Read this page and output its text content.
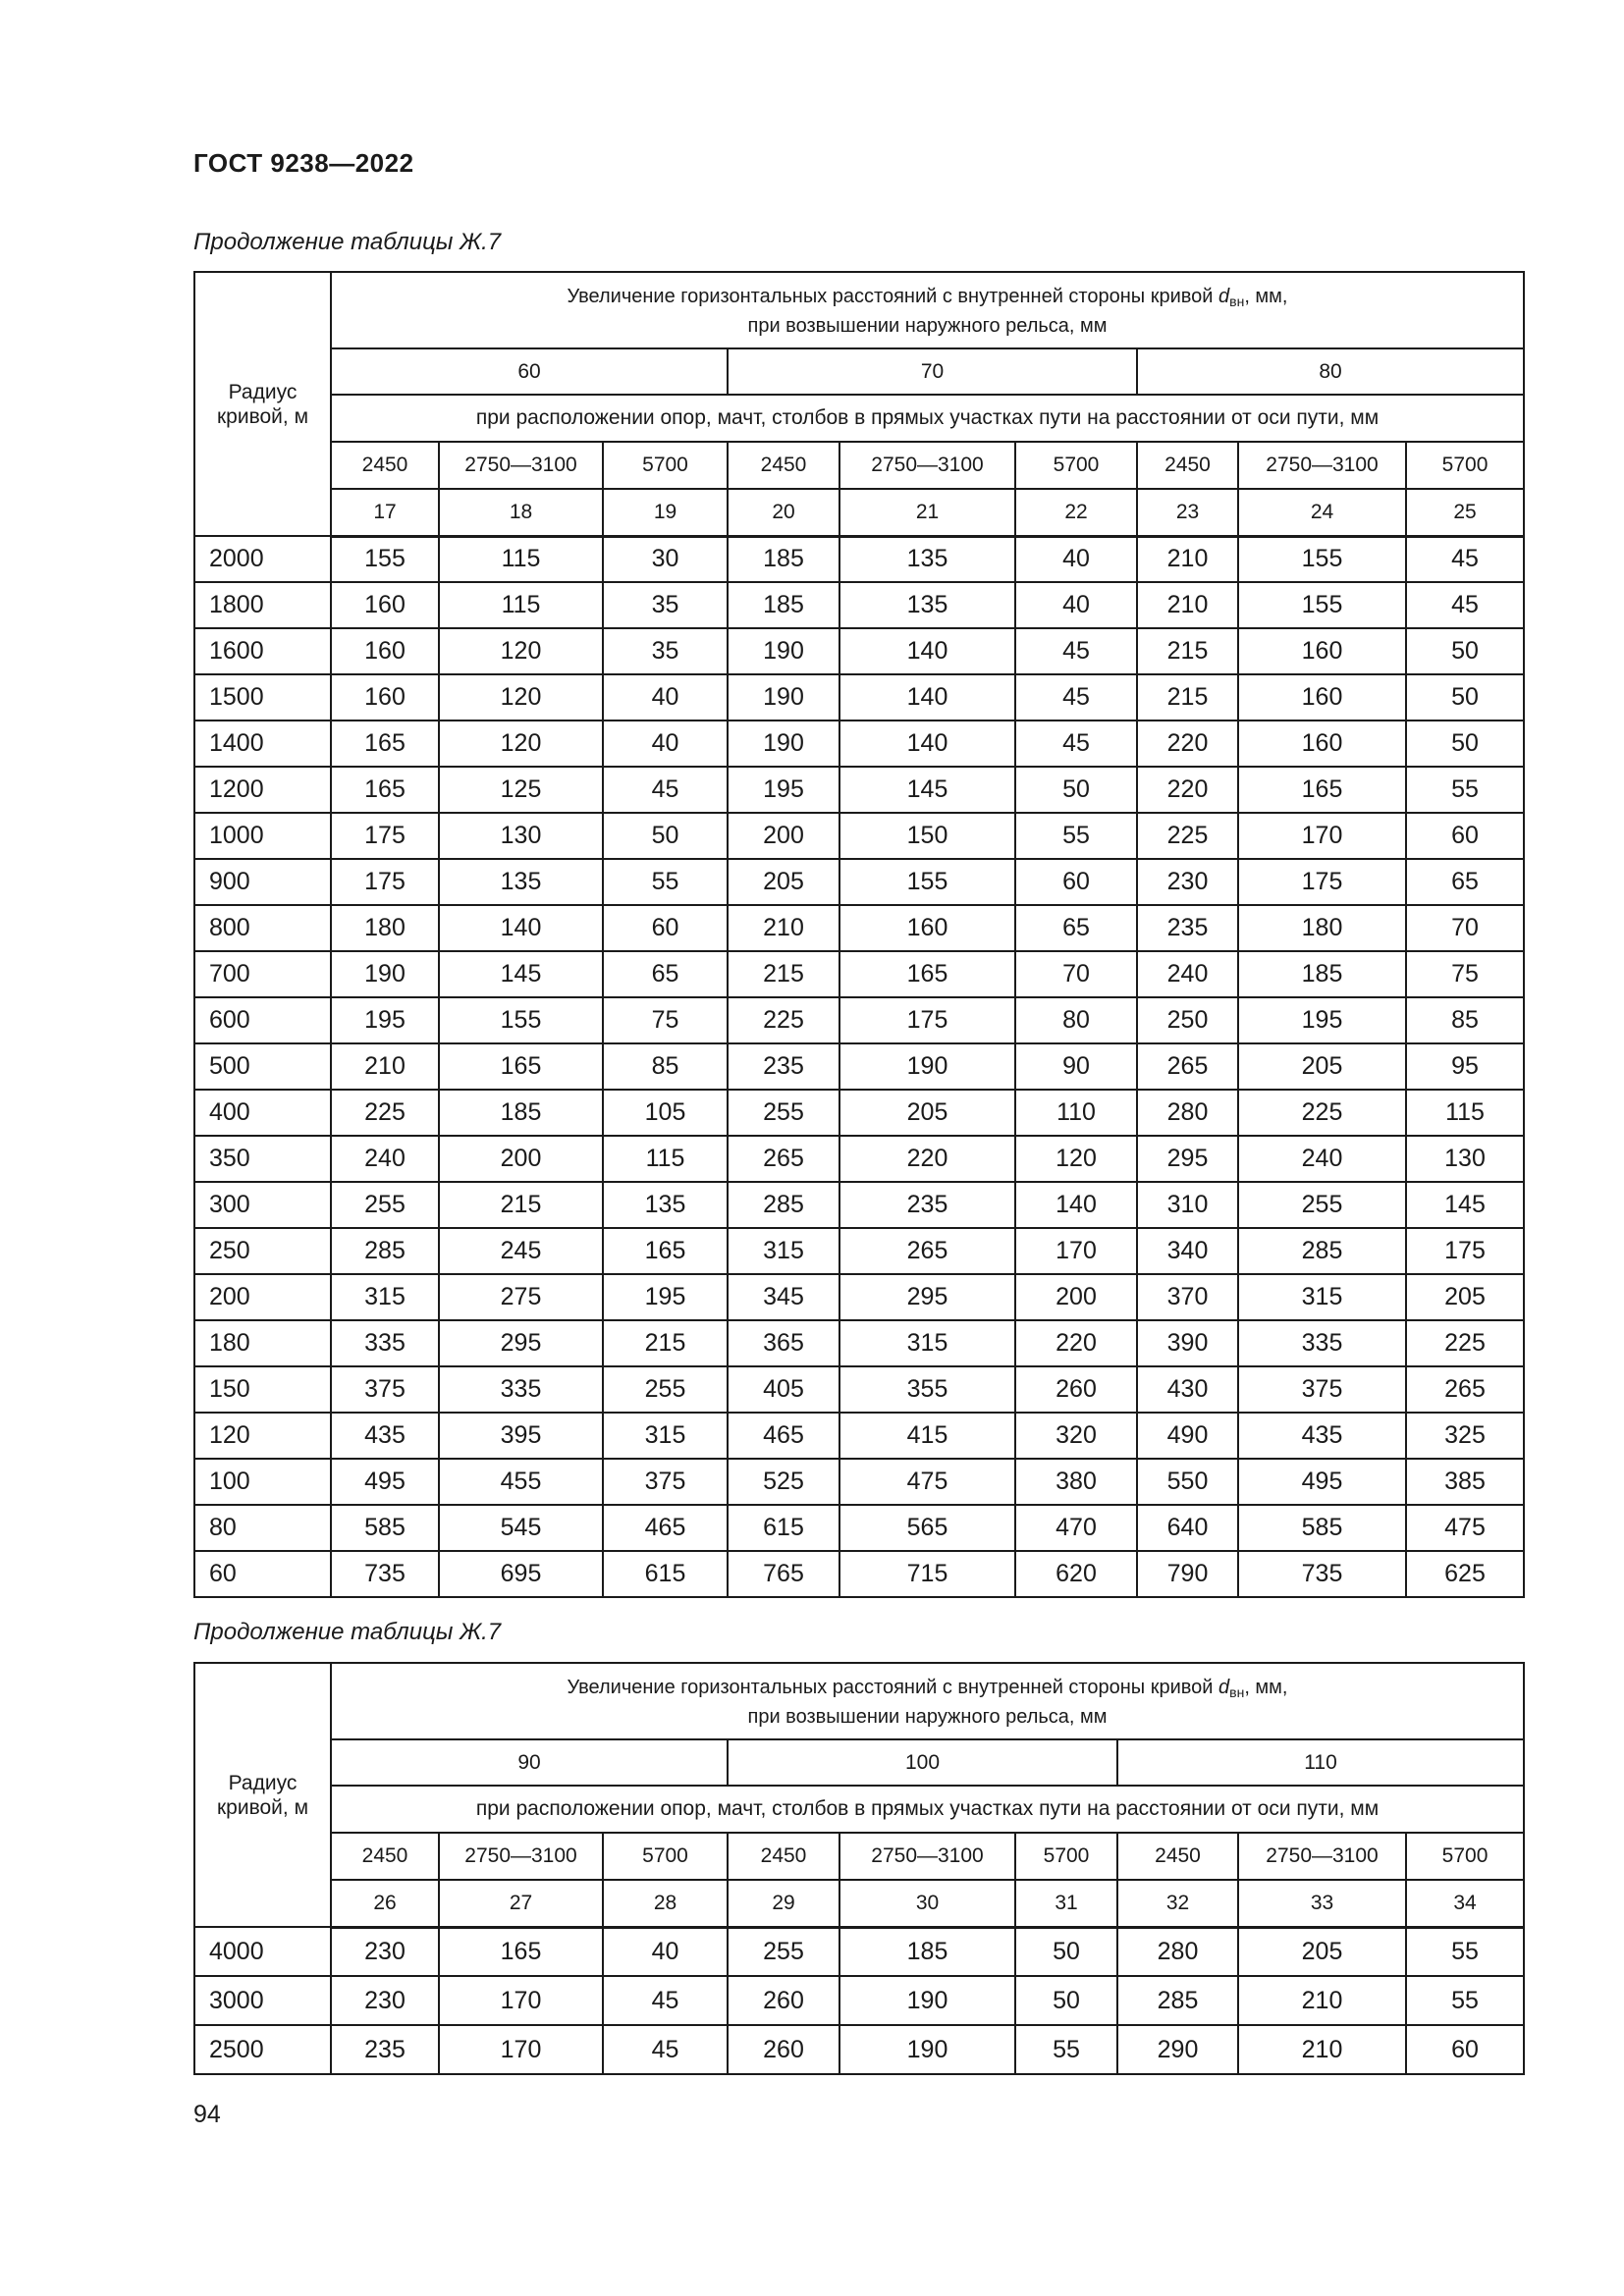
ГОСТ 9238—2022
Продолжение таблицы Ж.7
Радиус кривой, м	Увеличение горизонтальных расстояний с внутренней стороны кривой $d_{вн}$, мм,
при возвышении наружного рельса, мм								
	60			70			80		
	при расположении опор, мачт, столбов в прямых участках пути на расстоянии от оси пути, мм								
	2450	2750—3100	5700	2450	2750—3100	5700	2450	2750—3100	5700
	17	18	19	20	21	22	23	24	25
2000	155	115	30	185	135	40	210	155	45
1800	160	115	35	185	135	40	210	155	45
1600	160	120	35	190	140	45	215	160	50
1500	160	120	40	190	140	45	215	160	50
1400	165	120	40	190	140	45	220	160	50
1200	165	125	45	195	145	50	220	165	55
1000	175	130	50	200	150	55	225	170	60
900	175	135	55	205	155	60	230	175	65
800	180	140	60	210	160	65	235	180	70
700	190	145	65	215	165	70	240	185	75
600	195	155	75	225	175	80	250	195	85
500	210	165	85	235	190	90	265	205	95
400	225	185	105	255	205	110	280	225	115
350	240	200	115	265	220	120	295	240	130
300	255	215	135	285	235	140	310	255	145
250	285	245	165	315	265	170	340	285	175
200	315	275	195	345	295	200	370	315	205
180	335	295	215	365	315	220	390	335	225
150	375	335	255	405	355	260	430	375	265
120	435	395	315	465	415	320	490	435	325
100	495	455	375	525	475	380	550	495	385
80	585	545	465	615	565	470	640	585	475
60	735	695	615	765	715	620	790	735	625
Продолжение таблицы Ж.7
Радиус кривой, м	Увеличение горизонтальных расстояний с внутренней стороны кривой $d_{вн}$, мм,
при возвышении наружного рельса, мм								
	90			100			110		
	при расположении опор, мачт, столбов в прямых участках пути на расстоянии от оси пути, мм								
	2450	2750—3100	5700	2450	2750—3100	5700	2450	2750—3100	5700
	26	27	28	29	30	31	32	33	34
4000	230	165	40	255	185	50	280	205	55
3000	230	170	45	260	190	50	285	210	55
2500	235	170	45	260	190	55	290	210	60
94
